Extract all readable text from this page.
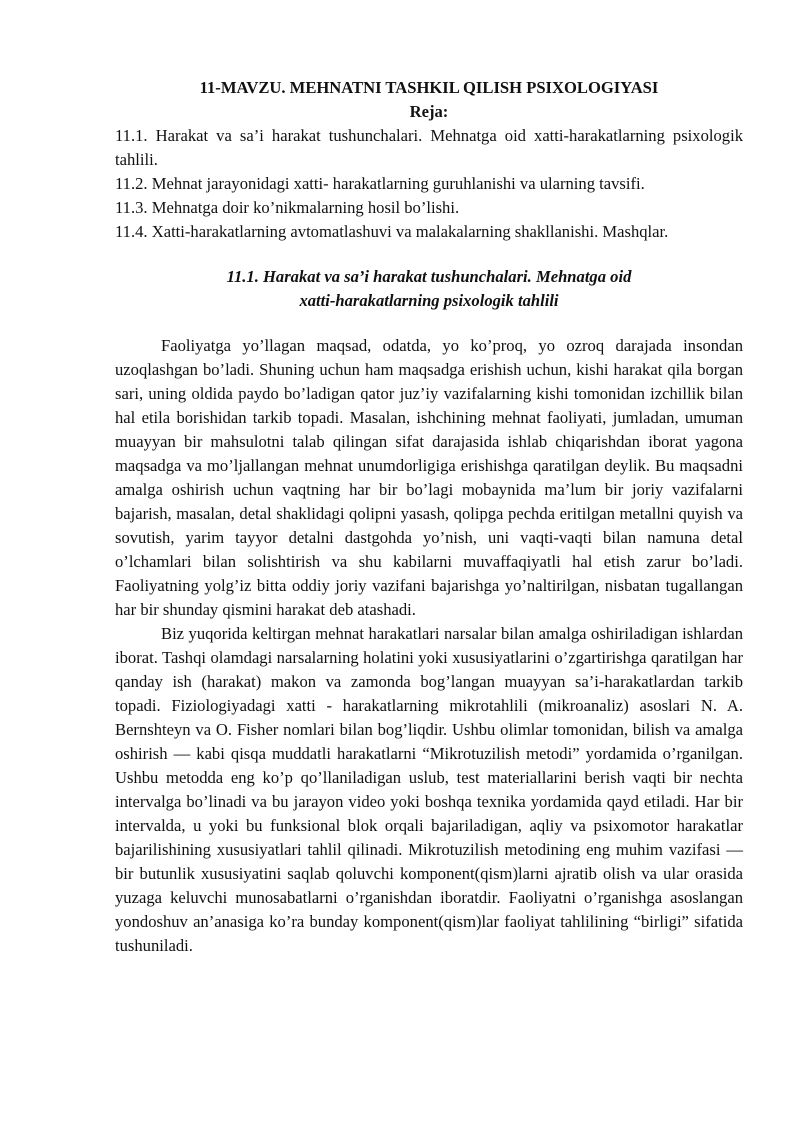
11-MAVZU. MEHNATNI TASHKIL QILISH PSIXOLOGIYASI

Reja:

11.1. Harakat va sa’i harakat tushunchalari. Mehnatga oid xatti-harakatlarning psixologik tahlili.

11.2. Mehnat jarayonidagi xatti- harakatlarning guruhlanishi va ularning tavsifi.

11.3. Mehnatga doir ko’nikmalarning hosil bo’lishi.

11.4. Xatti-harakatlarning avtomatlashuvi va malakalarning shakllanishi. Mashqlar.

11.1. Harakat va sa’i harakat tushunchalari. Mehnatga oid
xatti-harakatlarning psixologik tahlili

Faoliyatga yo’llagan maqsad, odatda, yo ko’proq, yo ozroq darajada insondan uzoqlashgan bo’ladi. Shuning uchun ham maqsadga erishish uchun, kishi harakat qila borgan sari, uning oldida paydo bo’ladigan qator juz’iy vazifalarning kishi tomonidan izchillik bilan hal etila borishidan tarkib topadi. Masalan, ishchining mehnat faoliyati, jumladan, umuman muayyan bir mahsulotni talab qilingan sifat darajasida ishlab chiqarishdan iborat yagona maqsadga va mo’ljallangan mehnat unumdorligiga erishishga qaratilgan deylik. Bu maqsadni amalga oshirish uchun vaqtning har bir bo’lagi mobaynida ma’lum bir joriy vazifalarni bajarish, masalan, detal shaklidagi qolipni yasash, qolipga pechda eritilgan metallni quyish va sovutish, yarim tayyor detalni dastgohda yo’nish, uni vaqti-vaqti bilan namuna detal o’lchamlari bilan solishtirish va shu kabilarni muvaffaqiyatli hal etish zarur bo’ladi. Faoliyatning yolg’iz bitta oddiy joriy vazifani bajarishga yo’naltirilgan, nisbatan tugallangan har bir shunday qismini harakat deb atashadi.

Biz yuqorida keltirgan mehnat harakatlari narsalar bilan amalga oshiriladigan ishlardan iborat. Tashqi olamdagi narsalarning holatini yoki xususiyatlarini o’zgartirishga qaratilgan har qanday ish (harakat) makon va zamonda bog’langan muayyan sa’i-harakatlardan tarkib topadi. Fiziologiyadagi xatti - harakatlarning mikrotahlili (mikroanaliz) asoslari N. A. Bernshteyn va O. Fisher nomlari bilan bog’liqdir. Ushbu olimlar tomonidan, bilish va amalga oshirish — kabi qisqa muddatli harakatlarni “Mikrotuzilish metodi” yordamida o’rganilgan. Ushbu metodda eng ko’p qo’llaniladigan uslub, test materiallarini berish vaqti bir nechta intervalga bo’linadi va bu jarayon video yoki boshqa texnika yordamida qayd etiladi. Har bir intervalda, u yoki bu funksional blok orqali bajariladigan, aqliy va psixomotor harakatlar bajarilishining xususiyatlari tahlil qilinadi. Mikrotuzilish metodining eng muhim vazifasi — bir butunlik xususiyatini saqlab qoluvchi komponent(qism)larni ajratib olish va ular orasida yuzaga keluvchi munosabatlarni o’rganishdan iboratdir. Faoliyatni o’rganishga asoslangan yondoshuv an’anasiga ko’ra bunday komponent(qism)lar faoliyat tahlilining “birligi” sifatida tushuniladi.
